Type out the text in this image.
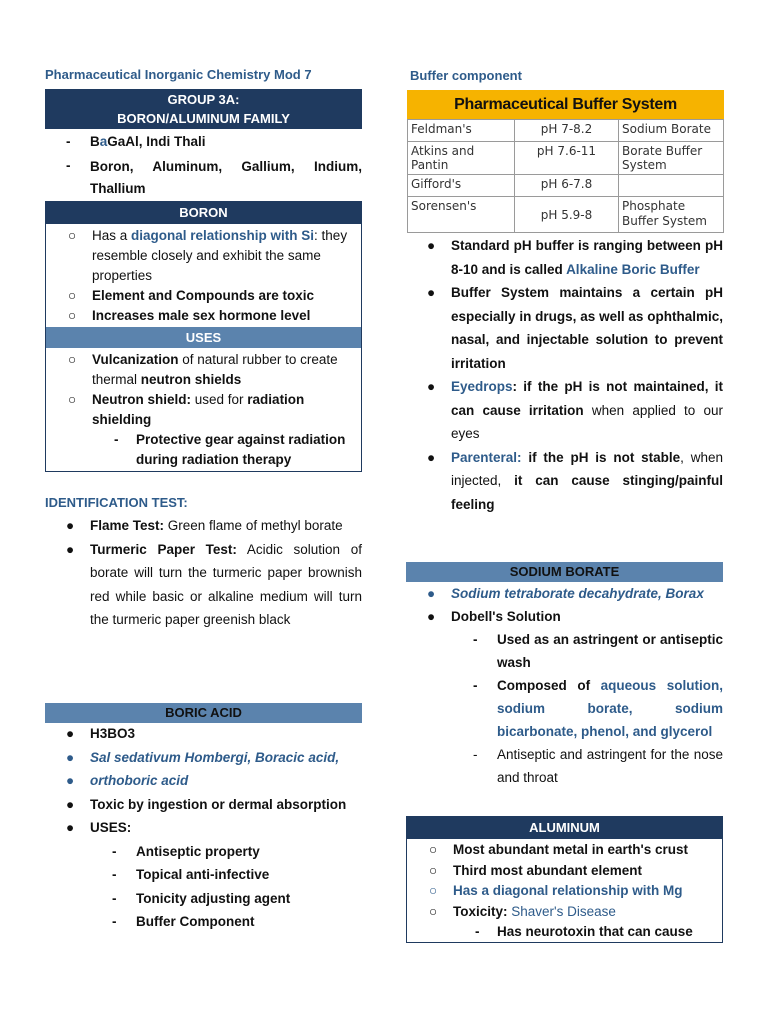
Pharmaceutical Inorganic Chemistry Mod 7
GROUP 3A:
BORON/ALUMINUM FAMILY
-	BaGaAl, Indi Thali
-	Boron, Aluminum, Gallium, Indium, Thallium
BORON
○	Has a diagonal relationship with Si: they resemble closely and exhibit the same properties
○	Element and Compounds are toxic
○	Increases male sex hormone level
USES
○	Vulcanization of natural rubber to create thermal neutron shields
○	Neutron shield: used for radiation shielding
-	Protective gear against radiation during radiation therapy
IDENTIFICATION TEST:
●	Flame Test: Green flame of methyl borate
●	Turmeric Paper Test: Acidic solution of borate will turn the turmeric paper brownish red while basic or alkaline medium will turn the turmeric paper greenish black
BORIC ACID
●	H3BO3
●	Sal sedativum Hombergi, Boracic acid,
●	orthoboric acid
●	Toxic by ingestion or dermal absorption
●	USES:
-	Antiseptic property
-	Topical anti-infective
-	Tonicity adjusting agent
-	Buffer Component
Buffer component
Pharmaceutical Buffer System
Feldman's	pH 7-8.2	Sodium Borate
Atkins and Pantin	pH 7.6-11	Borate Buffer System
Gifford's	pH 6-7.8	
Sorensen's	pH 5.9-8	Phosphate Buffer System
●	Standard pH buffer is ranging between pH 8-10 and is called Alkaline Boric Buffer
●	Buffer System maintains a certain pH especially in drugs, as well as ophthalmic, nasal, and injectable solution to prevent irritation
●	Eyedrops: if the pH is not maintained, it can cause irritation when applied to our eyes
●	Parenteral: if the pH is not stable, when injected, it can cause stinging/painful feeling
SODIUM BORATE
●	Sodium tetraborate decahydrate, Borax
●	Dobell's Solution
-	Used as an astringent or antiseptic wash
-	Composed of aqueous solution, sodium borate, sodium bicarbonate, phenol, and glycerol
-	Antiseptic and astringent for the nose and throat
ALUMINUM
○	Most abundant metal in earth's crust
○	Third most abundant element
○	Has a diagonal relationship with Mg
○	Toxicity: Shaver's Disease
-	Has neurotoxin that can cause
